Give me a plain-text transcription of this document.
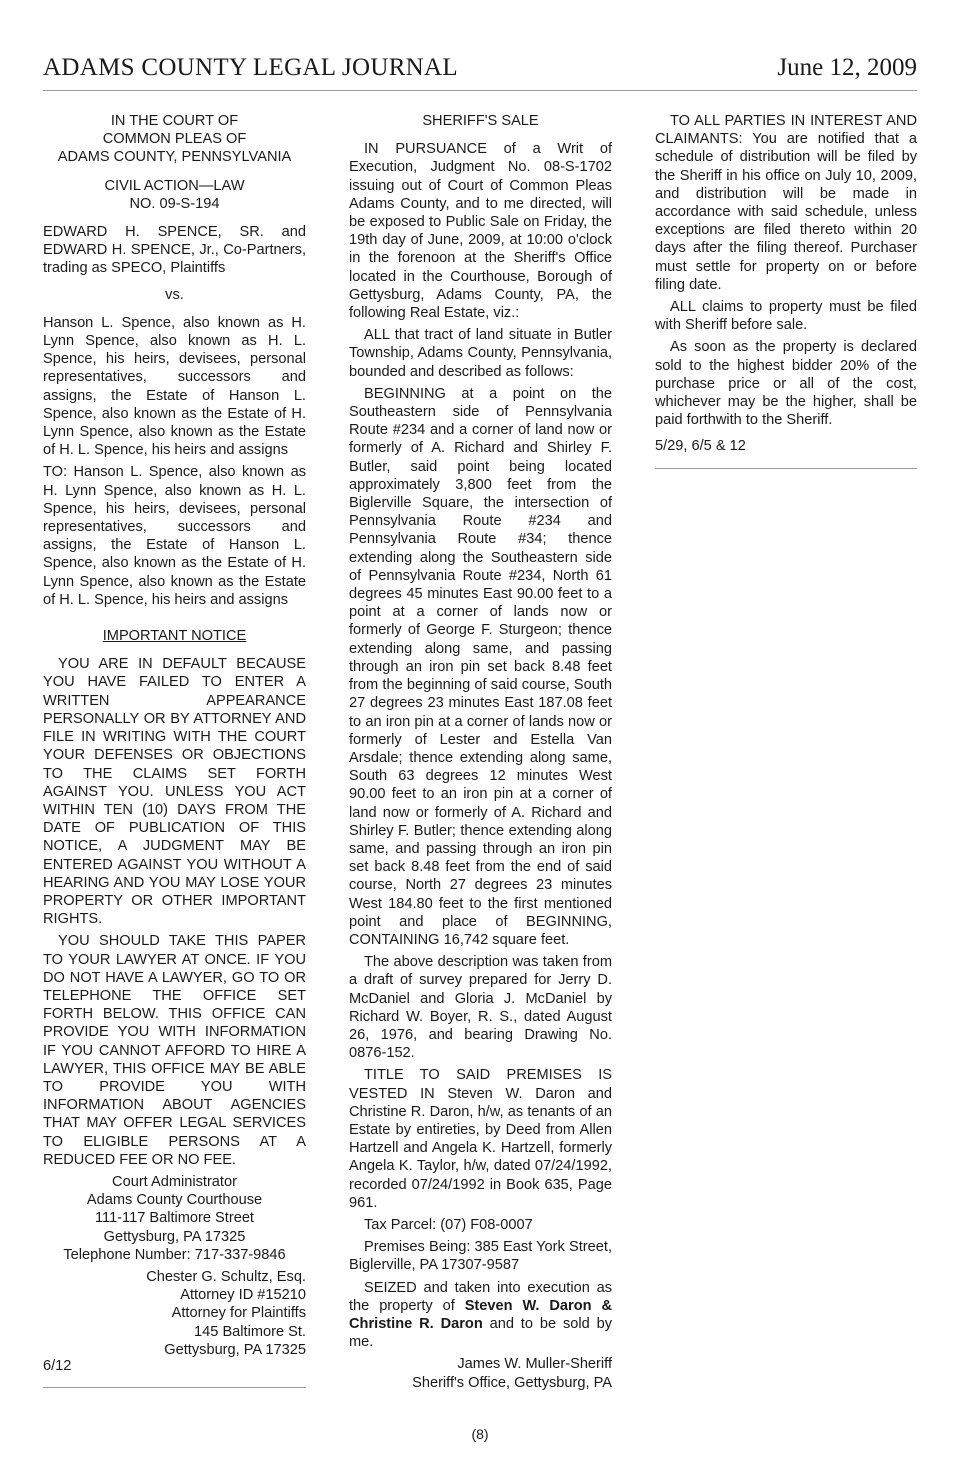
ADAMS COUNTY LEGAL JOURNAL	June 12, 2009
IN THE COURT OF
COMMON PLEAS OF
ADAMS COUNTY, PENNSYLVANIA
CIVIL ACTION—LAW
NO. 09-S-194

EDWARD H. SPENCE, SR. and EDWARD H. SPENCE, Jr., Co-Partners, trading as SPECO, Plaintiffs

vs.

Hanson L. Spence, also known as H. Lynn Spence, also known as H. L. Spence, his heirs, devisees, personal representatives, successors and assigns, the Estate of Hanson L. Spence, also known as the Estate of H. Lynn Spence, also known as the Estate of H. L. Spence, his heirs and assigns

TO: Hanson L. Spence, also known as H. Lynn Spence, also known as H. L. Spence, his heirs, devisees, personal representatives, successors and assigns, the Estate of Hanson L. Spence, also known as the Estate of H. Lynn Spence, also known as the Estate of H. L. Spence, his heirs and assigns

IMPORTANT NOTICE

YOU ARE IN DEFAULT BECAUSE YOU HAVE FAILED TO ENTER A WRITTEN APPEARANCE PERSONALLY OR BY ATTORNEY AND FILE IN WRITING WITH THE COURT YOUR DEFENSES OR OBJECTIONS TO THE CLAIMS SET FORTH AGAINST YOU. UNLESS YOU ACT WITHIN TEN (10) DAYS FROM THE DATE OF PUBLICATION OF THIS NOTICE, A JUDGMENT MAY BE ENTERED AGAINST YOU WITHOUT A HEARING AND YOU MAY LOSE YOUR PROPERTY OR OTHER IMPORTANT RIGHTS.

YOU SHOULD TAKE THIS PAPER TO YOUR LAWYER AT ONCE. IF YOU DO NOT HAVE A LAWYER, GO TO OR TELEPHONE THE OFFICE SET FORTH BELOW. THIS OFFICE CAN PROVIDE YOU WITH INFORMATION IF YOU CANNOT AFFORD TO HIRE A LAWYER, THIS OFFICE MAY BE ABLE TO PROVIDE YOU WITH INFORMATION ABOUT AGENCIES THAT MAY OFFER LEGAL SERVICES TO ELIGIBLE PERSONS AT A REDUCED FEE OR NO FEE.

Court Administrator
Adams County Courthouse
111-117 Baltimore Street
Gettysburg, PA 17325
Telephone Number: 717-337-9846
Chester G. Schultz, Esq.
Attorney ID #15210
Attorney for Plaintiffs
145 Baltimore St.
Gettysburg, PA 17325
6/12

SHERIFF'S SALE

IN PURSUANCE of a Writ of Execution, Judgment No. 08-S-1702 issuing out of Court of Common Pleas Adams County, and to me directed, will be exposed to Public Sale on Friday, the 19th day of June, 2009, at 10:00 o'clock in the forenoon at the Sheriff's Office located in the Courthouse, Borough of Gettysburg, Adams County, PA, the following Real Estate, viz.:

ALL that tract of land situate in Butler Township, Adams County, Pennsylvania, bounded and described as follows:

BEGINNING at a point on the Southeastern side of Pennsylvania Route #234 and a corner of land now or formerly of A. Richard and Shirley F. Butler, said point being located approximately 3,800 feet from the Biglerville Square, the intersection of Pennsylvania Route #234 and Pennsylvania Route #34; thence extending along the Southeastern side of Pennsylvania Route #234, North 61 degrees 45 minutes East 90.00 feet to a point at a corner of lands now or formerly of George F. Sturgeon; thence extending along same, and passing through an iron pin set back 8.48 feet from the beginning of said course, South 27 degrees 23 minutes East 187.08 feet to an iron pin at a corner of lands now or formerly of Lester and Estella Van Arsdale; thence extending along same, South 63 degrees 12 minutes West 90.00 feet to an iron pin at a corner of land now or formerly of A. Richard and Shirley F. Butler; thence extending along same, and passing through an iron pin set back 8.48 feet from the end of said course, North 27 degrees 23 minutes West 184.80 feet to the first mentioned point and place of BEGINNING, CONTAINING 16,742 square feet.

The above description was taken from a draft of survey prepared for Jerry D. McDaniel and Gloria J. McDaniel by Richard W. Boyer, R. S., dated August 26, 1976, and bearing Drawing No. 0876-152.

TITLE TO SAID PREMISES IS VESTED IN Steven W. Daron and Christine R. Daron, h/w, as tenants of an Estate by entireties, by Deed from Allen Hartzell and Angela K. Hartzell, formerly Angela K. Taylor, h/w, dated 07/24/1992, recorded 07/24/1992 in Book 635, Page 961.

Tax Parcel: (07) F08-0007

Premises Being: 385 East York Street, Biglerville, PA 17307-9587

SEIZED and taken into execution as the property of Steven W. Daron & Christine R. Daron and to be sold by me.

James W. Muller-Sheriff
Sheriff's Office, Gettysburg, PA

TO ALL PARTIES IN INTEREST AND CLAIMANTS: You are notified that a schedule of distribution will be filed by the Sheriff in his office on July 10, 2009, and distribution will be made in accordance with said schedule, unless exceptions are filed thereto within 20 days after the filing thereof. Purchaser must settle for property on or before filing date.

ALL claims to property must be filed with Sheriff before sale.

As soon as the property is declared sold to the highest bidder 20% of the purchase price or all of the cost, whichever may be the higher, shall be paid forthwith to the Sheriff.

5/29, 6/5 & 12
(8)
